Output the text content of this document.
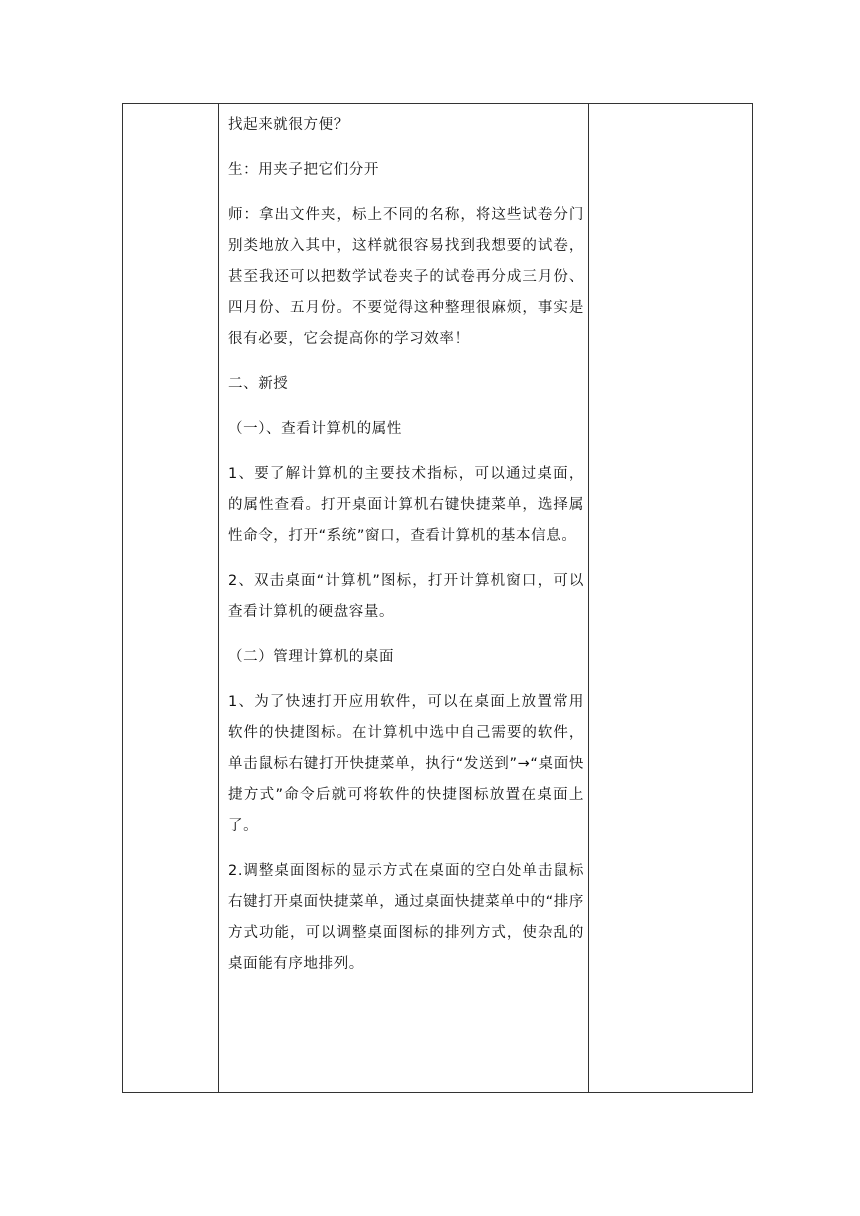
找起来就很方便？

生：用夹子把它们分开

师：拿出文件夹，标上不同的名称，将这些试卷分门别类地放入其中，这样就很容易找到我想要的试卷，甚至我还可以把数学试卷夹子的试卷再分成三月份、四月份、五月份。不要觉得这种整理很麻烦，事实是很有必要，它会提高你的学习效率！

二、新授

（一）、查看计算机的属性

1、要了解计算机的主要技术指标，可以通过桌面，的属性查看。打开桌面计算机右键快捷菜单，选择属性命令，打开“系统”窗口，查看计算机的基本信息。

2、双击桌面“计算机”图标，打开计算机窗口，可以查看计算机的硬盘容量。

（二）管理计算机的桌面

1、为了快速打开应用软件，可以在桌面上放置常用软件的快捷图标。在计算机中选中自己需要的软件，单击鼠标右键打开快捷菜单，执行“发送到”→“桌面快捷方式”命令后就可将软件的快捷图标放置在桌面上了。

2.调整桌面图标的显示方式在桌面的空白处单击鼠标右键打开桌面快捷菜单，通过桌面快捷菜单中的“排序方式功能，可以调整桌面图标的排列方式，使杂乱的桌面能有序地排列。
